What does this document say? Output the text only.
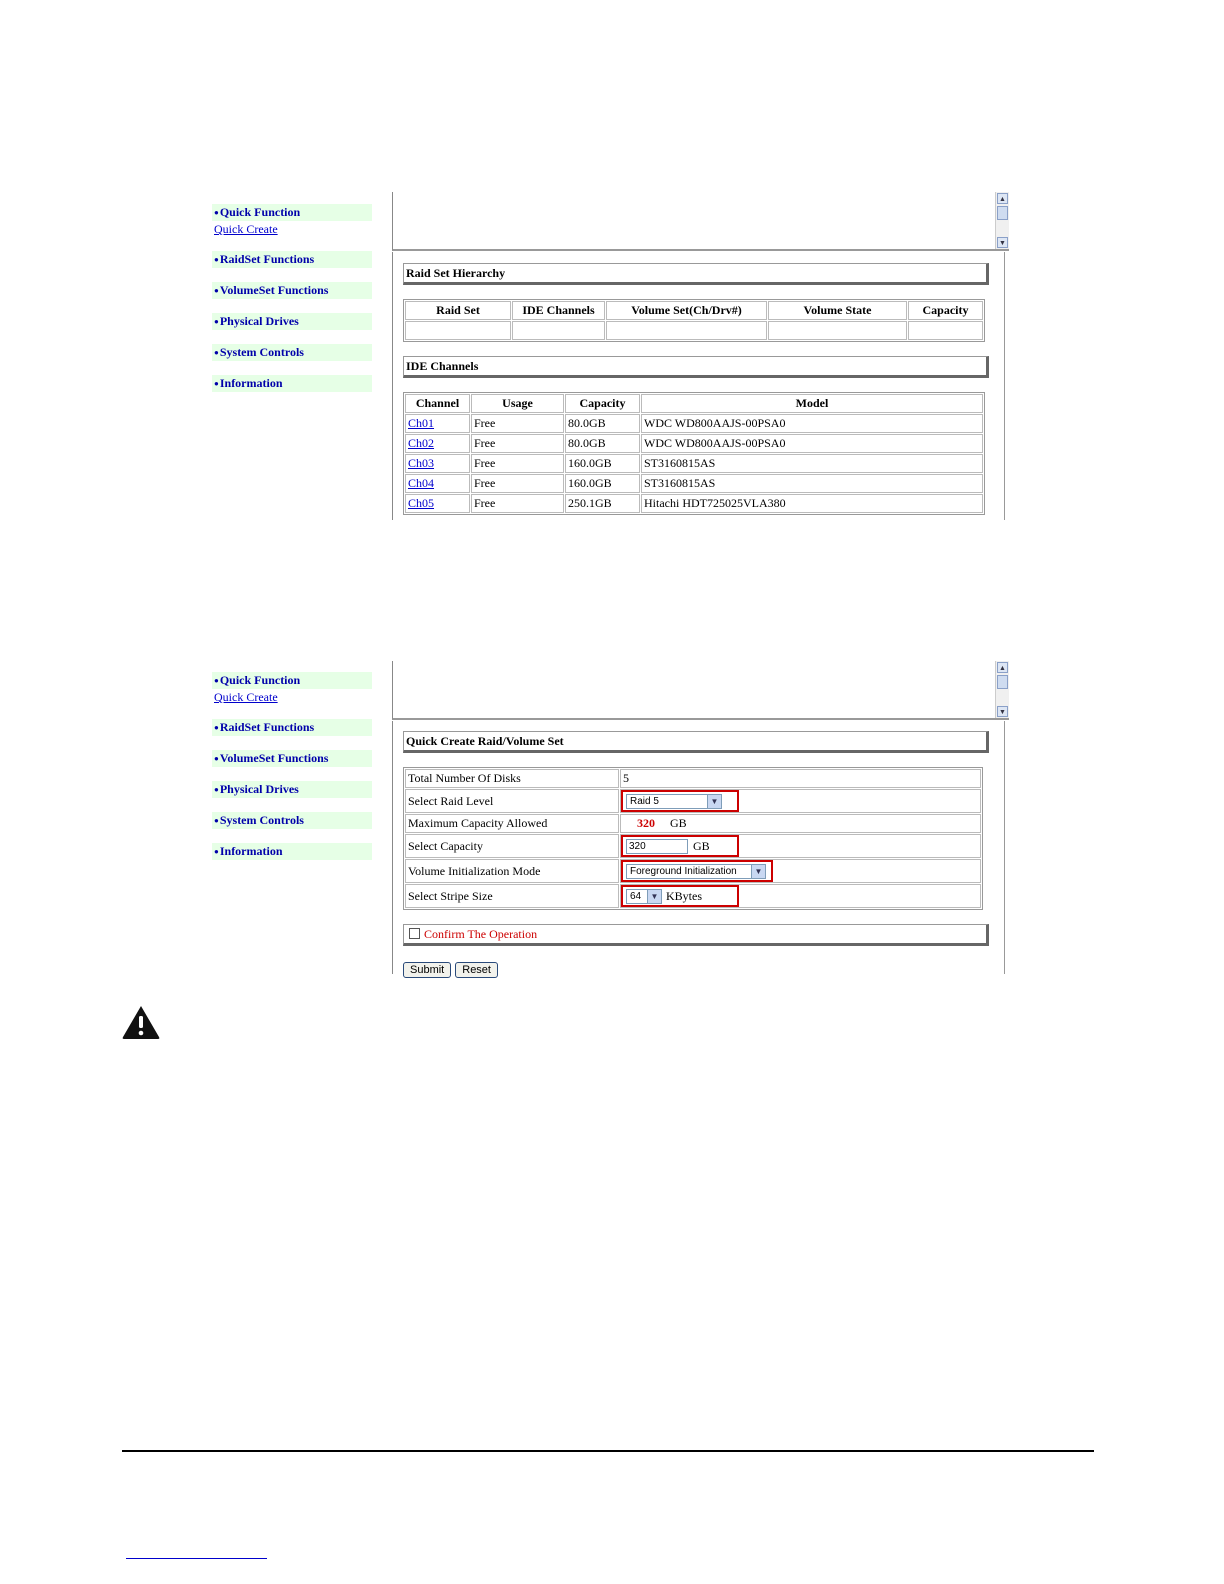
●Quick Function
Quick Create
●RaidSet Functions
●VolumeSet Functions
●Physical Drives
●System Controls
●Information
▲
▼
Raid Set Hierarchy
Raid Set	IDE Channels	Volume Set(Ch/Drv#)	Volume State	Capacity

IDE Channels
Channel	Usage	Capacity	Model
Ch01	Free	80.0GB	WDC WD800AAJS-00PSA0
Ch02	Free	80.0GB	WDC WD800AAJS-00PSA0
Ch03	Free	160.0GB	ST3160815AS
Ch04	Free	160.0GB	ST3160815AS
Ch05	Free	250.1GB	Hitachi HDT725025VLA380
●Quick Function
Quick Create
●RaidSet Functions
●VolumeSet Functions
●Physical Drives
●System Controls
●Information
▲
▼
Quick Create Raid/Volume Set
Total Number Of Disks	5
Select Raid Level	Raid 5 ▼

Maximum Capacity Allowed	320 GB
Select Capacity	320 GB

Volume Initialization Mode	Foreground Initialization ▼

Select Stripe Size	64 ▼ KBytes
Confirm The Operation
Submit Reset
